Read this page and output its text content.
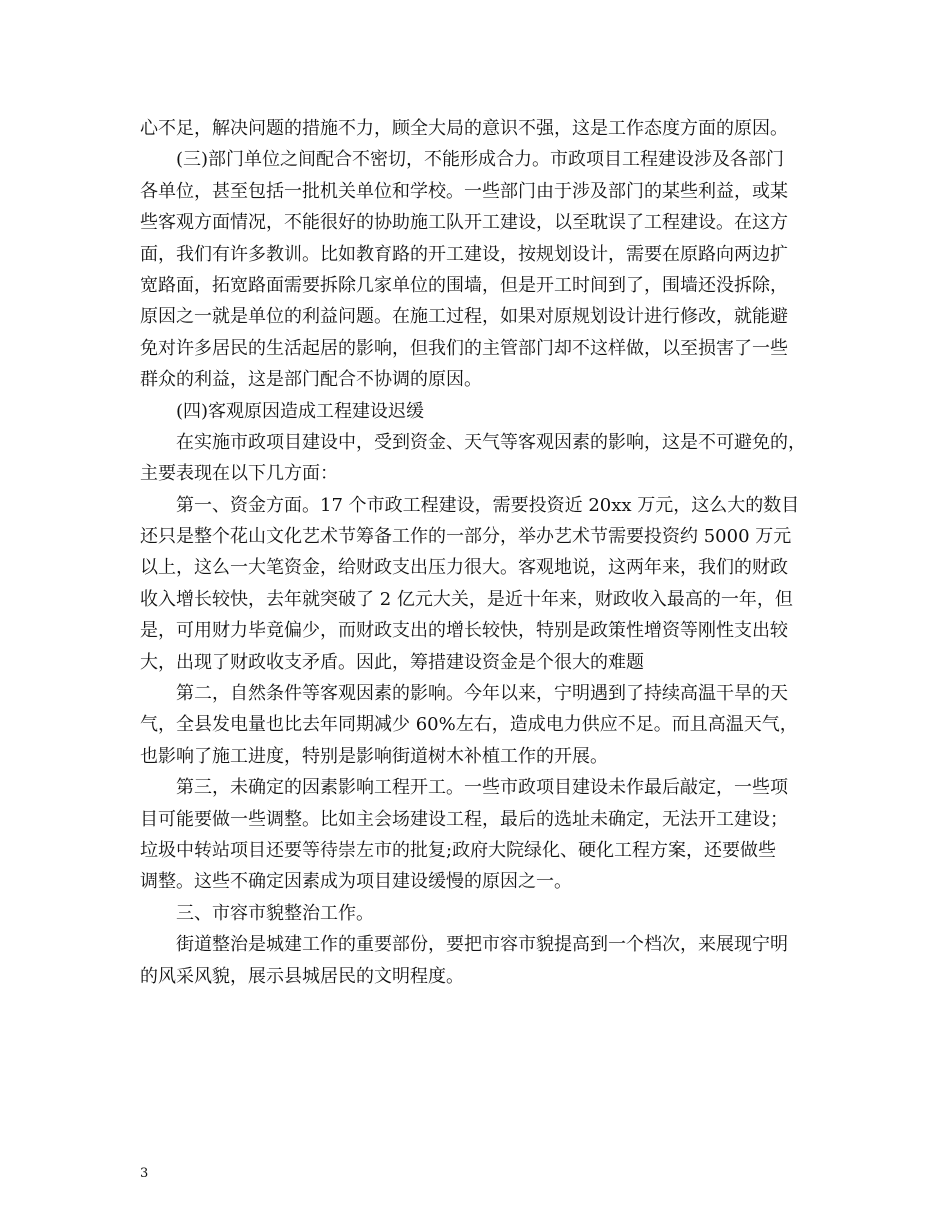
心不足，解决问题的措施不力，顾全大局的意识不强，这是工作态度方面的原因。
(三)部门单位之间配合不密切，不能形成合力。市政项目工程建设涉及各部门
各单位，甚至包括一批机关单位和学校。一些部门由于涉及部门的某些利益，或某
些客观方面情况，不能很好的协助施工队开工建设，以至耽误了工程建设。在这方
面，我们有许多教训。比如教育路的开工建设，按规划设计，需要在原路向两边扩
宽路面，拓宽路面需要拆除几家单位的围墙，但是开工时间到了，围墙还没拆除，
原因之一就是单位的利益问题。在施工过程，如果对原规划设计进行修改，就能避
免对许多居民的生活起居的影响，但我们的主管部门却不这样做，以至损害了一些
群众的利益，这是部门配合不协调的原因。
(四)客观原因造成工程建设迟缓
在实施市政项目建设中，受到资金、天气等客观因素的影响，这是不可避免的，
主要表现在以下几方面：
第一、资金方面。17 个市政工程建设，需要投资近 20xx 万元，这么大的数目
还只是整个花山文化艺术节筹备工作的一部分，举办艺术节需要投资约 5000 万元
以上，这么一大笔资金，给财政支出压力很大。客观地说，这两年来，我们的财政
收入增长较快，去年就突破了 2 亿元大关，是近十年来，财政收入最高的一年，但
是，可用财力毕竟偏少，而财政支出的增长较快，特别是政策性增资等刚性支出较
大，出现了财政收支矛盾。因此，筹措建设资金是个很大的难题
第二，自然条件等客观因素的影响。今年以来，宁明遇到了持续高温干旱的天
气，全县发电量也比去年同期减少 60%左右，造成电力供应不足。而且高温天气，
也影响了施工进度，特别是影响街道树木补植工作的开展。
第三，未确定的因素影响工程开工。一些市政项目建设未作最后敲定，一些项
目可能要做一些调整。比如主会场建设工程，最后的选址未确定，无法开工建设；
垃圾中转站项目还要等待崇左市的批复;政府大院绿化、硬化工程方案，还要做些
调整。这些不确定因素成为项目建设缓慢的原因之一。
三、市容市貌整治工作。
街道整治是城建工作的重要部份，要把市容市貌提高到一个档次，来展现宁明
的风采风貌，展示县城居民的文明程度。
3
